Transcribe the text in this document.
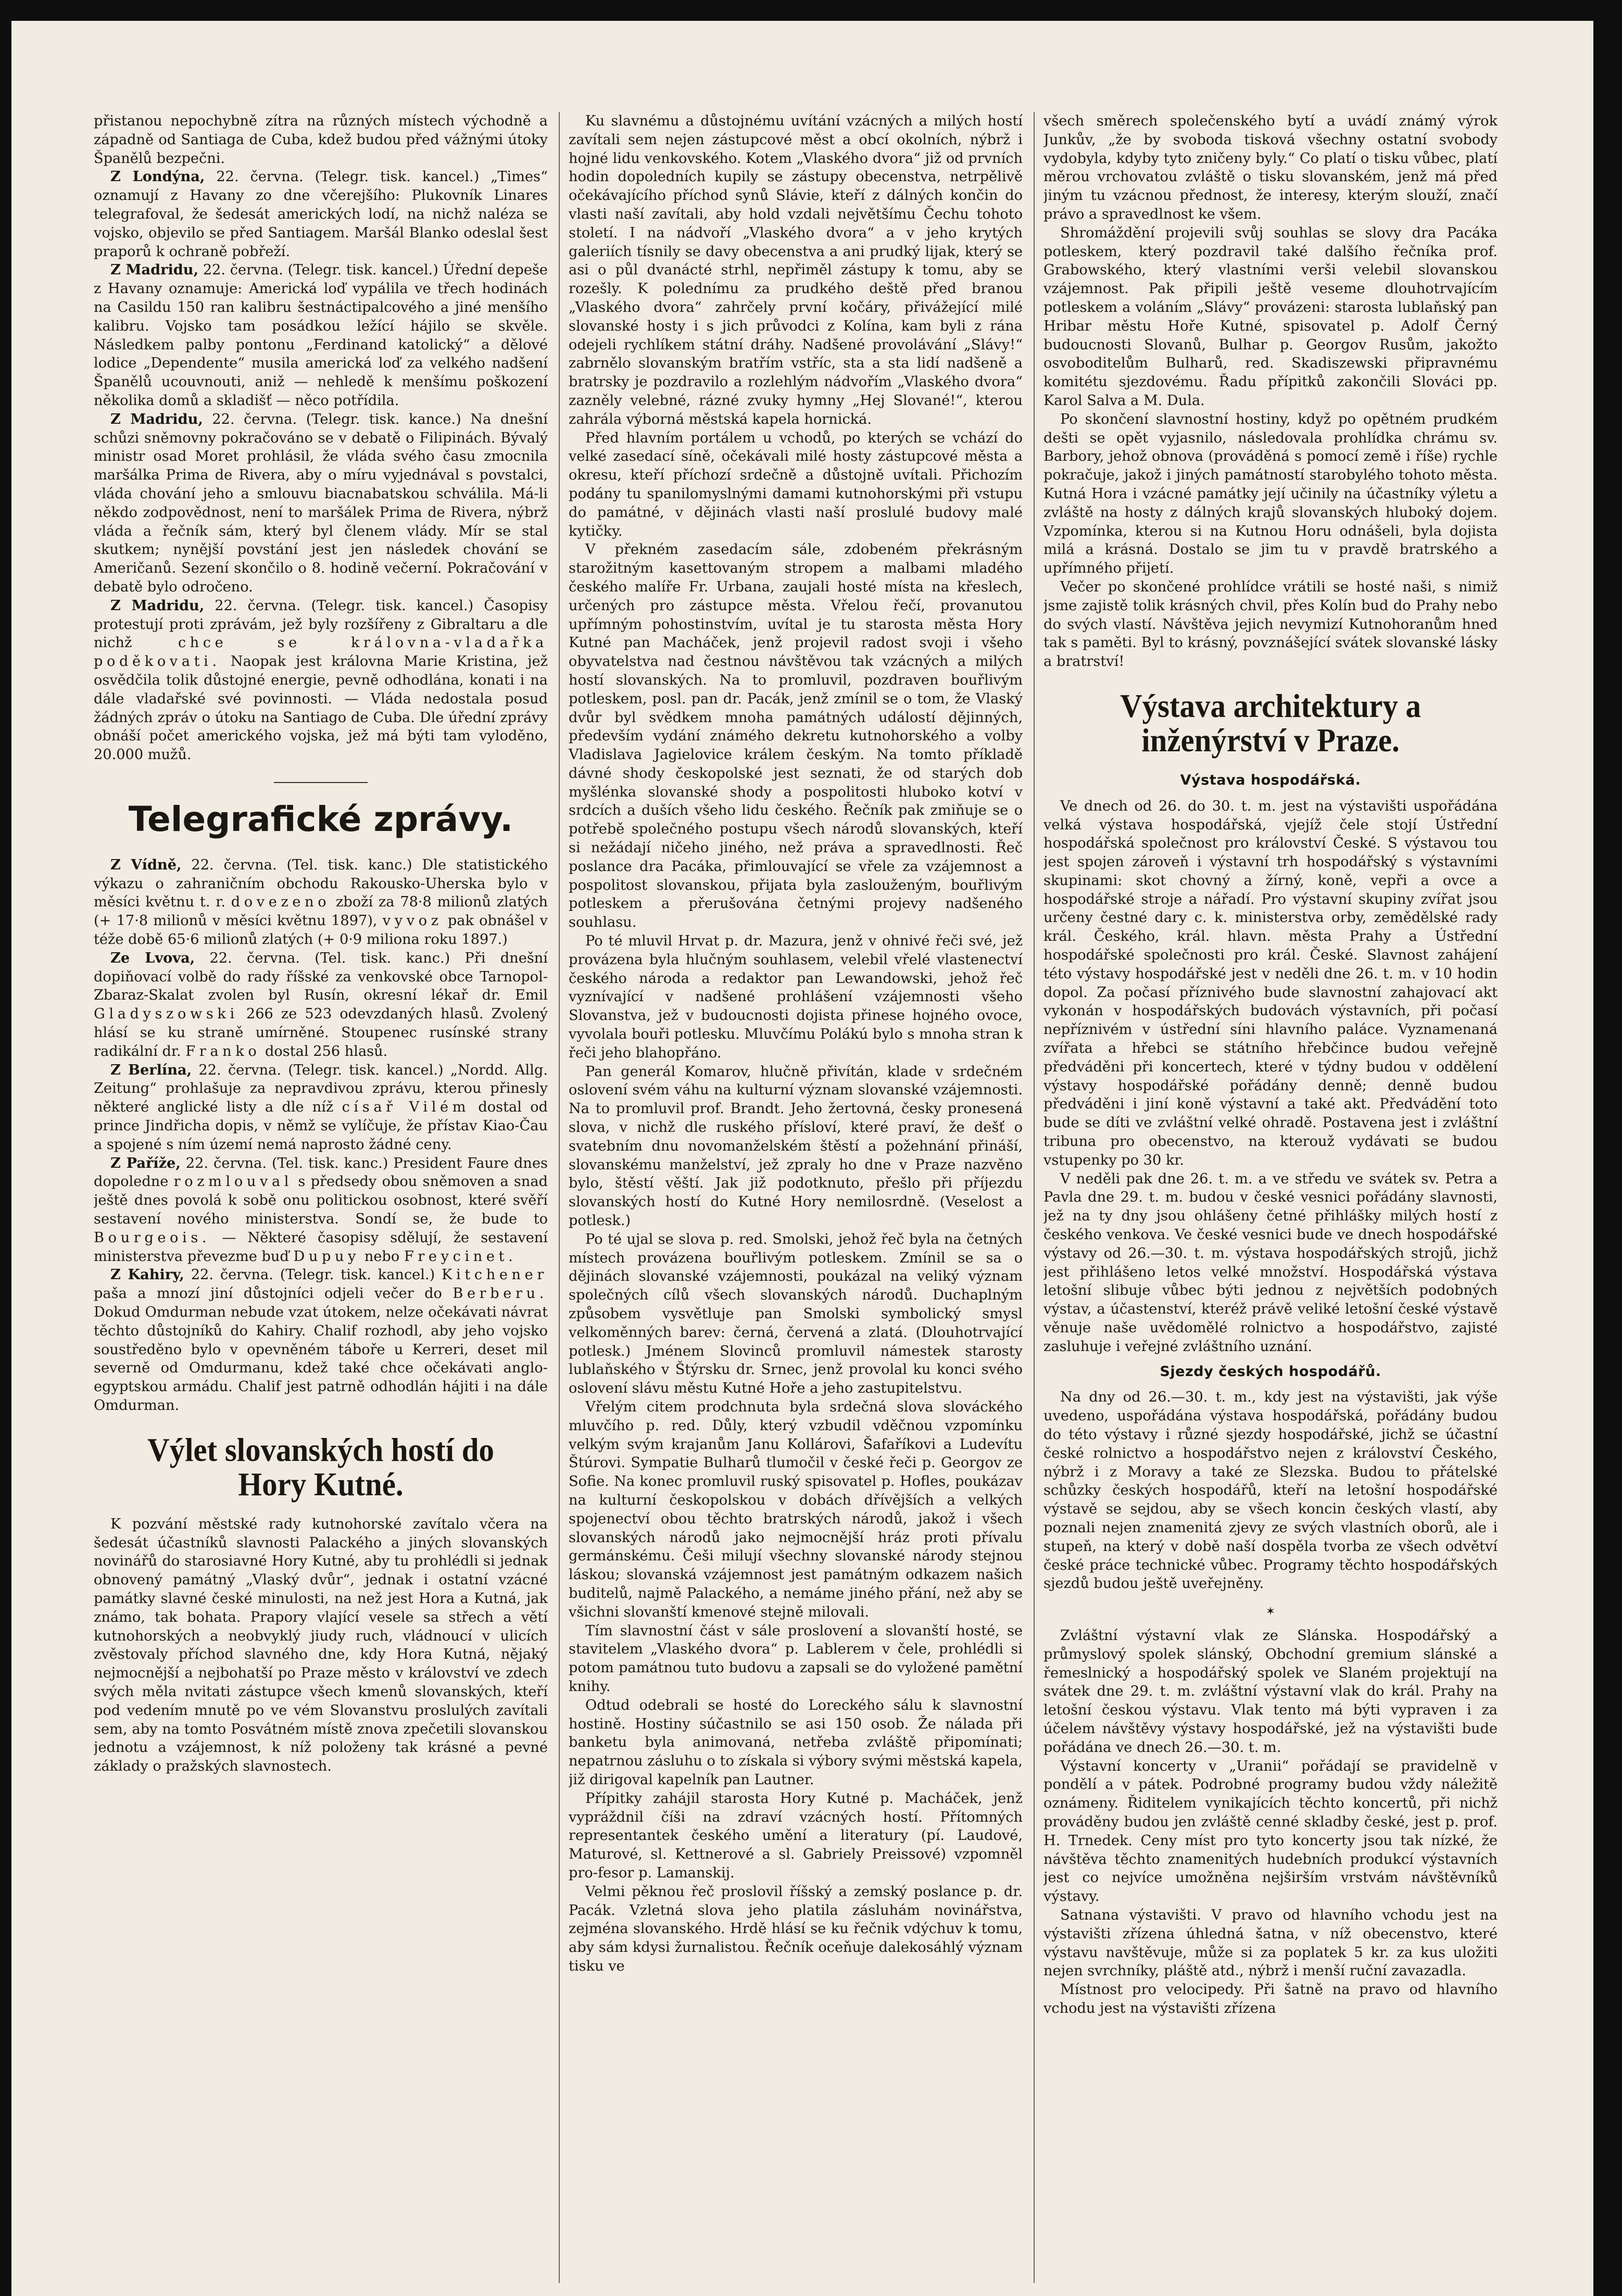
přistanou nepochybně zítra na různých místech východně a západně od Santiaga de Cuba, kdež budou před vážnými útoky Španělů bezpečni.

Z Londýna, 22. června. (Telegr. tisk. kancel.) „Times“ oznamují z Havany zo dne včerejšího: Plukovník Linares telegrafoval, že šedesát amerických lodí, na nichž naléza se vojsko, objevilo se před Santiagem. Maršál Blanko odeslal šest praporů k ochraně pobřeží.

Z Madridu, 22. června. (Telegr. tisk. kancel.) Úřední depeše z Havany oznamuje: Americká loď vypálila ve třech hodinách na Casildu 150 ran kalibru šestnáctipalcového a jiné menšího kalibru. Vojsko tam posádkou ležící hájilo se skvěle. Následkem palby pontonu „Ferdinand katolický“ a dělové lodice „Dependente“ musila americká loď za velkého nadšení Španělů ucouvnouti, aniž — nehledě k menšímu poškození několika domů a skladišť — něco potřídila.

Z Madridu, 22. června. (Telegr. tisk. kance.) Na dnešní schůzi sněmovny pokračováno se v debatě o Filipinách. Bývalý ministr osad Moret prohlásil, že vláda svého času zmocnila maršálka Prima de Rivera, aby o míru vyjednával s povstalci, vláda chování jeho a smlouvu biacnabatskou schválila. Má-li někdo zodpovědnost, není to maršálek Prima de Rivera, nýbrž vláda a řečník sám, který byl členem vlády. Mír se stal skutkem; nynější povstání jest jen následek chování se Američanů. Sezení skončilo o 8. hodině večerní. Pokračování v debatě bylo odročeno.

Z Madridu, 22. června. (Telegr. tisk. kancel.) Časopisy protestují proti zprávám, jež byly rozšířeny z Gibraltaru a dle nichž	chce se královna-vladařka poděkovati. Naopak jest královna Marie Kristina, jež osvědčila tolik důstojné energie, pevně odhodlána, konati i na dále vladařské své povinnosti. — Vláda nedostala posud žádných zpráv o útoku na Santiago de Cuba. Dle úřední zprávy obnáší počet amerického vojska, jež má býti tam vyloděno, 20.000 mužů.

Telegrafické zprávy.

Z Vídně, 22. června. (Tel. tisk. kanc.) Dle statistického výkazu o zahraničním obchodu Rakousko-Uherska bylo v měsíci květnu t. r. dovezeno zboží za 78·8 milionů zlatých (+ 17·8 milionů v měsíci květnu 1897), vyvoz pak obnášel v téže době 65·6 milionů zlatých (+ 0·9 miliona roku 1897.)

Ze Lvova, 22. června. (Tel. tisk. kanc.) Při dnešní dopiňovací volbě do rady říšské za venkovské obce Tarnopol-Zbaraz-Skalat zvolen byl Rusín, okresní lékař dr. Emil Gladyszowski 266 ze 523 odevzdaných hlasů. Zvolený hlásí se ku straně umírněné. Stoupenec rusínské strany radikální dr. Franko dostal 256 hlasů.

Z Berlína, 22. června. (Telegr. tisk. kancel.) „Nordd. Allg. Zeitung“ prohlašuje za nepravdivou zprávu, kterou přinesly některé anglické listy a dle níž císař Vilém dostal od prince Jindřicha dopis, v němž se vylíčuje, že přístav Kiao-Čau a spojené s ním území nemá naprosto žádné ceny.

Z Paříže, 22. června. (Tel. tisk. kanc.) President Faure dnes dopoledne rozmlouval s předsedy obou sněmoven a snad ještě dnes povolá k sobě onu politickou osobnost, které svěří sestavení nového ministerstva. Sondí se, že bude to Bourgeois. — Některé časopisy sdělují, že sestavení ministerstva převezme buď Dupuy nebo Freycinet.

Z Kahiry, 22. června. (Telegr. tisk. kancel.) Kitchener pašа a mnozí jiní důstojníci odjeli večer do Berberu. Dokud Omdurman nebude vzat útokem, nelze očekávati návrat těchto důstojníků do Kahiry. Chalif rozhodl, aby jeho vojsko soustředěno bylo v opevněném táboře u Kerreri, deset mil severně od Omdurmanu, kdež také chce očekávati anglo-egyptskou armádu. Chalif jest patrně odhodlán hájiti i na dále Omdurman.

Výlet slovanských hostí do Hory Kutné.

K pozvání městské rady kutnohorské zavítalo včera na šedesát účastníků slavnosti Palackého a jiných slovanských novinářů do starosiavné Hory Kutné, aby tu prohlédli si jednak obnovený památný „Vlaský dvůr“, jednak i ostatní vzácné památky slavné české minulosti, na než jest Hora a Kutná, jak známo, tak bohata. Prapory vlající vesele sa střech a větí kutnohorských a neobvyklý jiudy ruch, vládnoucí v ulicích zvěstovaly příchod slavného dne, kdy Hora Kutná, nějaký nejmocnější a nejbohatší po Praze město v království ve zdech svých měla nvitati zástupce všech kmenů slovanských, kteří pod vedením mnutě po ve vém Slovanstvu proslulých zavítali sem, aby na tomto Posvátném místě znova zpečetili slovanskou jednotu a vzájemnost, k níž položeny tak krásné a pevné základy o pražských slavnostech.

Ku slavnému a důstojnému uvítání vzácných a milých hostí zavítali sem nejen zástupcové měst a obcí okolních, nýbrž i hojné lidu venkovského. Kotem „Vlaského dvora“ již od prvních hodin dopoledních kupily se zástupy obecenstva, netrpělivě očekávajícího příchod synů Slávie, kteří z dálných končin do vlasti naší zavítali, aby hold vzdali největšímu Čechu tohoto století. I na nádvoří „Vlaského dvora“ a v jeho krytých galeriích tísnily se davy obecenstva a ani prudký lijak, který se asi o půl dvanácté strhl, nepřiměl zástupy k tomu, aby se rozešly. K polednímu za prudkého deště před branou „Vlaského dvora“ zahrčely první kočáry, přivážející milé slovanské hosty i s jich průvodci z Kolína, kam byli z rána odejeli rychlíkem státní dráhy. Nadšené provolávání „Slávy!“ zabrnělo slovanským bratřím vstříc, sta a sta lidí nadšeně a bratrsky je pozdravilo a rozlehlým nádvořím „Vlaského dvora“ zazněly velebné, rázné zvuky hymny „Hej Slované!“, kterou zahrála výborná městská kapela hornická.

Před hlavním portálem u vchodů, po kterých se vchází do velké zasedací síně, očekávali milé hosty zástupcové města a okresu, kteří příchozí srdečně a důstojně uvítali. Přichozím podány tu spanilomyslnými damami kutnohorskými při vstupu do památné, v dějinách vlasti naší proslulé budovy malé kytičky.

V překném zasedacím sále, zdobeném překrásným starožitným kasettovaným stropem a malbami mladého českého malíře Fr. Urbana, zaujali hosté místa na křeslech, určených pro zástupce města. Vřelou řečí, provanutou upřímným pohostinstvím, uvítal je tu starosta města Hory Kutné pan Macháček, jenž projevil radost svoji i všeho obyvatelstva nad čestnou návštěvou tak vzácných a milých hostí slovanských. Na to promluvil, pozdraven bouřlivým potleskem, posl. pan dr. Pacák, jenž zmínil se o tom, že Vlaský dvůr byl svědkem mnoha památných událostí dějinných, především vydání známého dekretu kutnohorského a volby Vladislava Jagielovice králem českým. Na tomto příkladě dávné shody českopolské jest seznati, že od starých dob myšlénka slovanské shody a pospolitosti hluboko kotví v srdcích a duších všeho lidu českého. Řečník pak zmiňuje se o potřebě společného postupu všech národů slovanských, kteří si nežádají ničeho jiného, než práva a spravedlnosti. Řeč poslance dra Pacáka, přimlouvající se vřele za vzájemnost a pospolitost slovanskou, přijata byla zaslouženým, bouřlivým potleskem a přerušována četnými projevy nadšeného souhlasu.

Po té mluvil Hrvat p. dr. Mazura, jenž v ohnivé řeči své, jež provázena byla hlučným souhlasem, velebil vřelé vlastenectví českého národa a redaktor pan Lewandowski, jehož řeč vyznívající v nadšené prohlášení vzájemnosti všeho Slovanstva, jež v budoucnosti dojista přinese hojného ovoce, vyvolala bouři potlesku. Mluvčímu Polákú bylo s mnoha stran k řeči jeho blahopřáno.

Pan generál Komarov, hlučně přivítán, klade v srdečném oslovení svém váhu na kulturní význam slovanské vzájemnosti. Na to promluvil prof. Brandt. Jeho žertovná, česky pronesená slova, v nichž dle ruského přísloví, které praví, že dešť o svatebním dnu novomanželském štěstí a požehnání přináší, slovanskému manželství, jež zpraly ho dne v Praze nazvěno bylo, štěstí věští. Jak již podotknuto, přešlo při příjezdu slovanských hostí do Kutné Hory nemilosrdně. (Veselost a potlesk.)

Po té ujal se slova p. red. Smolski, jehož řeč byla na četných místech provázena bouřlivým potleskem. Zmínil se sa o dějinách slovanské vzájemnosti, poukázal na veliký význam společných cílů všech slovanských národů. Duchaplným způsobem vysvětluje pan Smolski symbolický smysl velkoměnných barev: černá, červená a zlatá. (Dlouhotrvající potlesk.) Jménem Slovinců promluvil námestek starosty lublaňského v Štýrsku dr. Srnec, jenž provolal ku konci svého oslovení slávu městu Kutné Hoře a jeho zastupitelstvu.

Vřelým citem prodchnuta byla srdečná slova slováckého mluvčího p. red. Důly, který vzbudil vděčnou vzpomínku velkým svým krajanům Janu Kollárovi, Šafaříkovi a Ludevítu Štúrovi. Sympatie Bulharů tlumočil v české řeči p. Georgov ze Sofie. Na konec promluvil ruský spisovatel p. Hofles, poukázav na kulturní českopolskou v dobách dřívějších a velkých spojenectví obou těchto bratrských národů, jakož i všech slovanských národů jako nejmocnější hráz proti přívalu germánskému. Češi milují všechny slovanské národy stejnou láskou; slovanská vzájemnost jest památným odkazem našich buditelů, najmě Palackého, a nemáme jiného přání, než aby se všichni slovanští kmenové stejně milovali.

Tím slavnostní část v sále proslovení a slovanští hosté, se stavitelem „Vlaského dvora“ p. Lablerem v čele, prohlédli si potom památnou tuto budovu a zapsali se do vyložené pamětní knihy.

Odtud odebrali se hosté do Loreckého sálu k slavnostní hostině. Hostiny súčastnilo se asi 150 osob. Že nálada při banketu byla animovaná, netřeba zvláště připomínati; nepatrnou zásluhu o to získala si výbory svými městská kapela, již dirigoval kapelník pan Lautner.

Přípitky zahájil starosta Hory Kutné p. Macháček, jenž vypráždnil číši na zdraví vzácných hostí. Přítomných representantek českého umění a literatury (pí. Laudové, Maturové, sl. Kettnerové a sl. Gabriely Preissové) vzpomněl pro-fesor p. Lamanskij.

Velmi pěknou řeč proslovil říšský a zemský poslance p. dr. Pacák. Vzletná slova jeho platila zásluhám novinářstva, zejména slovanského. Hrdě hlásí se ku řečnik vdýchuv k tomu, aby sám kdysi žurnalistou. Řečník oceňuje dalekosáhlý význam tisku ve

všech směrech společenského bytí a uvádí známý výrok Junkův, „že by svoboda tisková všechny ostatní svobody vydobyla, kdyby tyto zničeny byly.“ Co platí o tisku vůbec, platí měrou vrchovatou zvláště o tisku slovanském, jenž má před jiným tu vzácnou přednost, že interesy, kterým slouží, značí právo a spravedlnost ke všem.

Shromáždění projevili svůj souhlas se slovy dra Pacáka potleskem, který pozdravil také dalšího řečníka prof. Grabowského, který vlastními verši velebil slovanskou vzájemnost. Pak připili ještě veseme dlouhotrvajícím potleskem a voláním „Slávy“ provázeni: starosta lublaňský pan Hribar městu Hoře Kutné, spisovatel p. Adolf Černý budoucnosti Slovanů, Bulhar p. Georgov Rusům, jakožto osvoboditelům Bulharů, red. Skadiszewski připravnému komitétu sjezdovému. Řadu přípitků zakončili Slováci pp. Karol Salva a M. Dula.

Po skončení slavnostní hostiny, když po opětném prudkém dešti se opět vyjasnilo, následovala prohlídka chrámu sv. Barbory, jehož obnova (prováděná s pomocí země i říše) rychle pokračuje, jakož i jiných památností starobylého tohoto města. Kutná Hora i vzácné památky její učinily na účastníky výletu a zvláště na hosty z dálných krajů slovanských hluboký dojem. Vzpomínka, kterou si na Kutnou Horu odnášeli, byla dojista milá a krásná. Dostalo se jim tu v pravdě bratrského a upřímného přijetí.

Večer po skončené prohlídce vrátili se hosté naši, s nimiž jsme zajistě tolik krásných chvil, přes Kolín bud do Prahy nebo do svých vlastí. Návštěva jejich nevymizí Kutnohoranům hned tak s paměti. Byl to krásný, povznášející svátek slovanské lásky a bratrství!

Výstava architektury a inženýrství v Praze.
Výstava hospodářská.

Ve dnech od 26. do 30. t. m. jest na výstavišti uspořádána velká výstava hospodářská, vjejíž čele stojí Ústřední hospodářská společnost pro království České. S výstavou tou jest spojen zároveň i výstavní trh hospodářský s výstavními skupinami: skot chovný a žírný, koně, vepři a ovce a hospodářské stroje a nářadí. Pro výstavní skupiny zvířat jsou určeny čestné dary c. k. ministerstva orby, zemědělské rady král. Českého, král. hlavn. města Prahy a Ústřední hospodářské společnosti pro král. České. Slavnost zahájení této výstavy hospodářské jest v neděli dne 26. t. m. v 10 hodin dopol. Za počasí příznivého bude slavnostní zahajovací akt vykonán v hospodářských budovách výstavních, při počasí nepříznivém v ústřední síni hlavního paláce. Vyznamenaná zvířata a hřebci se státního hřebčince budou veřejně předváděni při koncertech, které v týdny budou v oddělení výstavy hospodářské pořádány denně; denně budou předváděni i jiní koně výstavní a také akt. Předvádění toto bude se díti ve zvláštní velké ohradě. Postavena jest i zvláštní tribuna pro obecenstvo, na kterouž vydávati se budou vstupenky po 30 kr.

V neděli pak dne 26. t. m. a ve středu ve svátek sv. Petra a Pavla dne 29. t. m. budou v české vesnici pořádány slavnosti, jež na ty dny jsou ohlášeny četné přihlášky milých hostí z českého venkova. Ve české vesnici bude ve dnech hospodářské výstavy od 26.—30. t. m. výstava hospodářských strojů, jichž jest přihlášeno letos velké množství. Hospodářská výstava letošní slibuje vůbec býti jednou z největších podobných výstav, a účastenství, kteréž právě veliké letošní české výstavě věnuje naše uvědomělé rolnictvo a hospodářstvo, zajisté zasluhuje i veřejné zvláštního uznání.

Sjezdy českých hospodářů.

Na dny od 26.—30. t. m., kdy jest na výstavišti, jak výše uvedeno, uspořádána výstava hospodářská, pořádány budou do této výstavy i různé sjezdy hospodářské, jichž se účastní české rolnictvo a hospodářstvo nejen z království Českého, nýbrž i z Moravy a také ze Slezska. Budou to přátelské schůzky českých hospodářů, kteří na letošní hospodářské výstavě se sejdou, aby se všech koncin českých vlastí, aby poznali nejen znamenitá zjevy ze svých vlastních oborů, ale i stupeň, na který v době naší dospěla tvorba ze všech odvětví české práce technické vůbec. Programy těchto hospodářských sjezdů budou ještě uveřejněny.

✶

Zvláštní výstavní vlak ze Slánska. Hospodářský a průmyslový spolek slánský, Obchodní gremium slánské a řemeslnický a hospodářský spolek ve Slaném projektují na svátek dne 29. t. m. zvláštní výstavní vlak do král. Prahy na letošní českou výstavu. Vlak tento má býti vypraven i za účelem návštěvy výstavy hospodářské, jež na výstavišti bude pořádána ve dnech 26.—30. t. m.

Výstavní koncerty v „Uranii“ pořádají se pravidelně v pondělí a v pátek. Podrobné programy budou vždy náležitě oznámeny. Řiditelem vynikajících těchto koncertů, při nichž prováděny budou jen zvláště cenné skladby české, jest p. prof. H. Trnedek. Ceny míst pro tyto koncerty jsou tak nízké, že návštěva těchto znamenitých hudebních produkcí výstavních jest co nejvíce umožněna nejširším vrstvám návštěvníků výstavy.

Satnana výstavišti. V pravo od hlavního vchodu jest na výstavišti zřízena úhledná šatna, v níž obecenstvo, které výstavu navštěvuje, může si za poplatek 5 kr. za kus uložiti nejen svrchníky, pláště atd., nýbrž i menší ruční zavazadla.

Místnost pro velocipedy. Při šatně na pravo od hlavního vchodu jest na výstavišti zřízena
